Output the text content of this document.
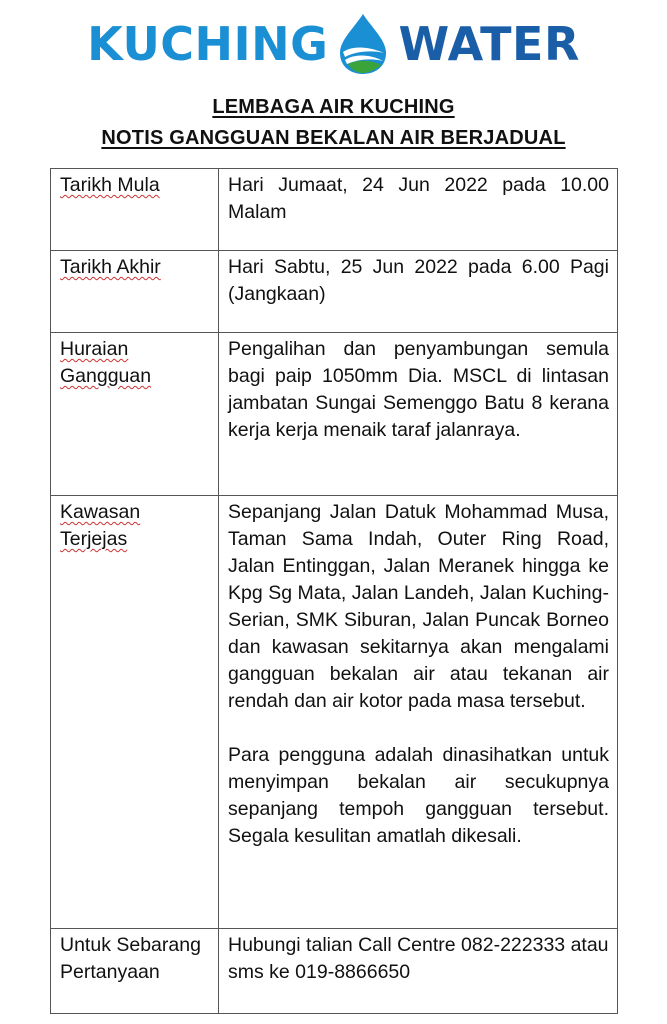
KUCHING WATER
LEMBAGA AIR KUCHING
NOTIS GANGGUAN BEKALAN AIR BERJADUAL
Tarikh Mula	Hari Jumaat, 24 Jun 2022 pada 10.00 Malam
Tarikh Akhir	Hari Sabtu, 25 Jun 2022 pada 6.00 Pagi (Jangkaan)
Huraian Gangguan	Pengalihan dan penyambungan semula bagi paip 1050mm Dia. MSCL di lintasan jambatan Sungai Semenggo Batu 8 kerana kerja kerja menaik taraf jalanraya.
Kawasan Terjejas	Sepanjang Jalan Datuk Mohammad Musa, Taman Sama Indah, Outer Ring Road, Jalan Entinggan, Jalan Meranek hingga ke Kpg Sg Mata, Jalan Landeh, Jalan Kuching-Serian, SMK Siburan, Jalan Puncak Borneo dan kawasan sekitarnya akan mengalami gangguan bekalan air atau tekanan air rendah dan air kotor pada masa tersebut.
Para pengguna adalah dinasihatkan untuk menyimpan bekalan air secukupnya sepanjang tempoh gangguan tersebut. Segala kesulitan amatlah dikesali.

Untuk Sebarang Pertanyaan	Hubungi talian Call Centre 082-222333 atau sms ke 019-8866650
